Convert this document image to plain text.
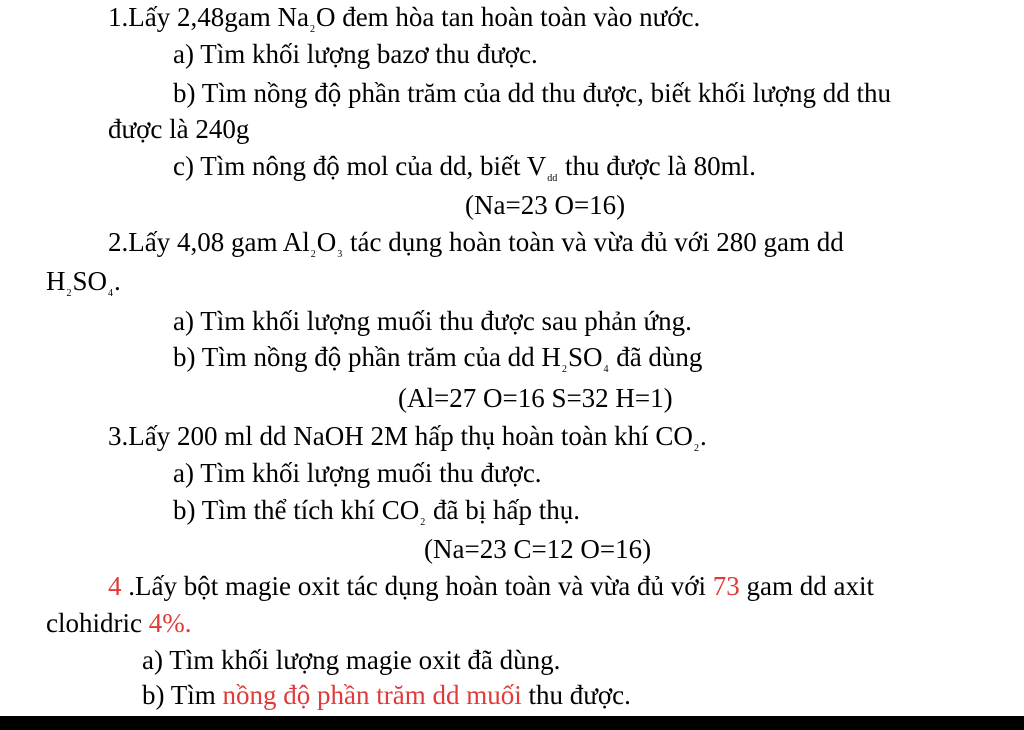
1.Lấy 2,48gam $Na_2O$ đem hòa tan hoàn toàn vào nước.
a) Tìm khối lượng bazơ thu được.
b) Tìm nồng độ phần trăm của dd thu được, biết khối lượng dd thu
được là 240g
c) Tìm nông độ mol của dd, biết $V_{dd}$ thu được là 80ml.
(Na=23 O=16)
2.Lấy 4,08 gam $Al_2O_3$ tác dụng hoàn toàn và vừa đủ với 280 gam dd
$H_2SO_4$.
a) Tìm khối lượng muối thu được sau phản ứng.
b) Tìm nồng độ phần trăm của dd $H_2SO_4$ đã dùng
(Al=27 O=16 S=32 H=1)
3.Lấy 200 ml dd NaOH 2M hấp thụ hoàn toàn khí $CO_2$.
a) Tìm khối lượng muối thu được.
b) Tìm thể tích khí $CO_2$ đã bị hấp thụ.
(Na=23 C=12 O=16)
4 .Lấy bột magie oxit tác dụng hoàn toàn và vừa đủ với 73 gam dd axit
clohidric 4%.
a) Tìm khối lượng magie oxit đã dùng.
b) Tìm nồng độ phần trăm dd muối thu được.
